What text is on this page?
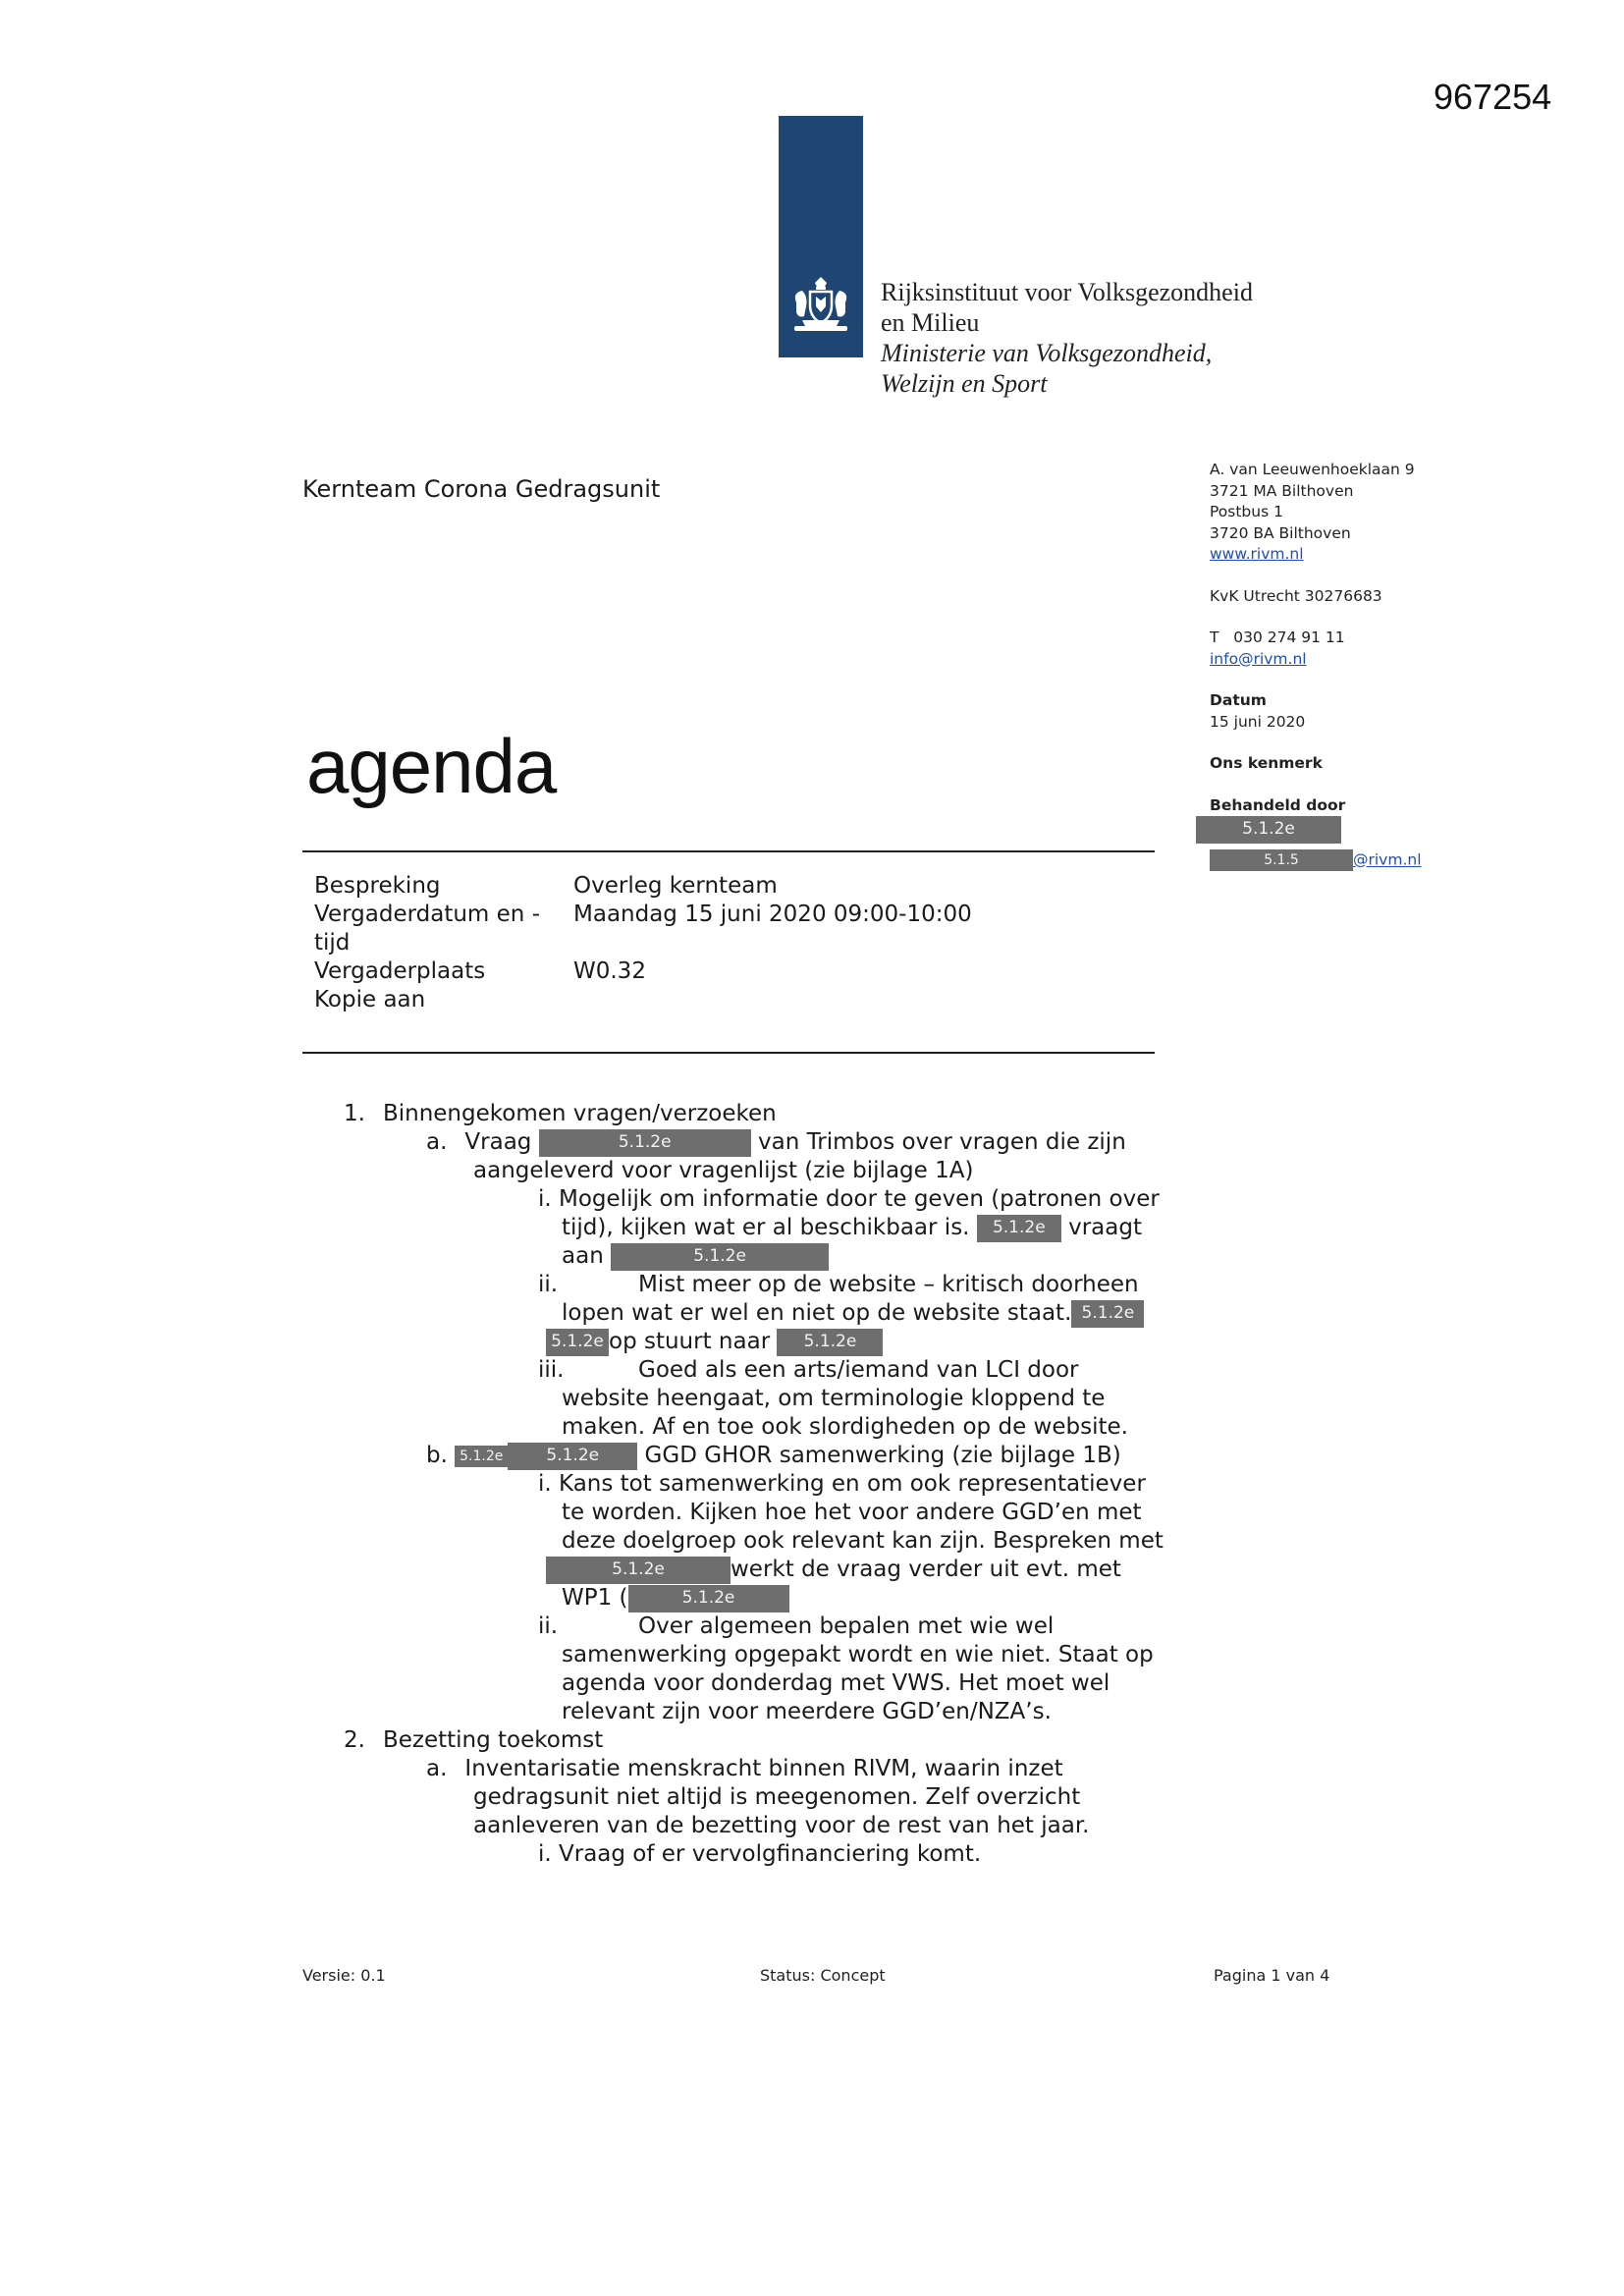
967254
Rijksinstituut voor Volksgezondheid
en Milieu
Ministerie van Volksgezondheid,
Welzijn en Sport
Kernteam Corona Gedragsunit
A. van Leeuwenhoeklaan 9
3721 MA Bilthoven
Postbus 1
3720 BA Bilthoven
www.rivm.nl
KvK Utrecht 30276683
T   030 274 91 11
info@rivm.nl
Datum
15 juni 2020
Ons kenmerk
Behandeld door
5.1.2e
5.1.5	@rivm.nl
agenda
Bespreking	Overleg kernteam
Vergaderdatum en -
tijd	Maandag 15 juni 2020 09:00-10:00
Vergaderplaats	W0.32
Kopie aan	
1. Binnengekomen vragen/verzoeken
a. Vraag	5.1.2e	van Trimbos over vragen die zijn
aangeleverd voor vragenlijst (zie bijlage 1A)
i. Mogelijk om informatie door te geven (patronen over
tijd), kijken wat er al beschikbaar is. 5.1.2e vraagt
aan	5.1.2e
ii.	Mist meer op de website – kritisch doorheen
lopen wat er wel en niet op de website staat. 5.1.2e
5.1.2e op stuurt naar 5.1.2e
iii.	Goed als een arts/iemand van LCI door
website heengaat, om terminologie kloppend te
maken. Af en toe ook slordigheden op de website.
b. 5.1.2e	5.1.2e GGD GHOR samenwerking (zie bijlage 1B)
i. Kans tot samenwerking en om ook representatiever
te worden. Kijken hoe het voor andere GGD’en met
deze doelgroep ook relevant kan zijn. Bespreken met
5.1.2e	werkt de vraag verder uit evt. met
WP1 (	5.1.2e
ii.	Over algemeen bepalen met wie wel
samenwerking opgepakt wordt en wie niet. Staat op
agenda voor donderdag met VWS. Het moet wel
relevant zijn voor meerdere GGD’en/NZA’s.
2. Bezetting toekomst
a. Inventarisatie menskracht binnen RIVM, waarin inzet
gedragsunit niet altijd is meegenomen. Zelf overzicht
aanleveren van de bezetting voor de rest van het jaar.
i. Vraag of er vervolgfinanciering komt.
Versie: 0.1	Status: Concept	Pagina 1 van 4
